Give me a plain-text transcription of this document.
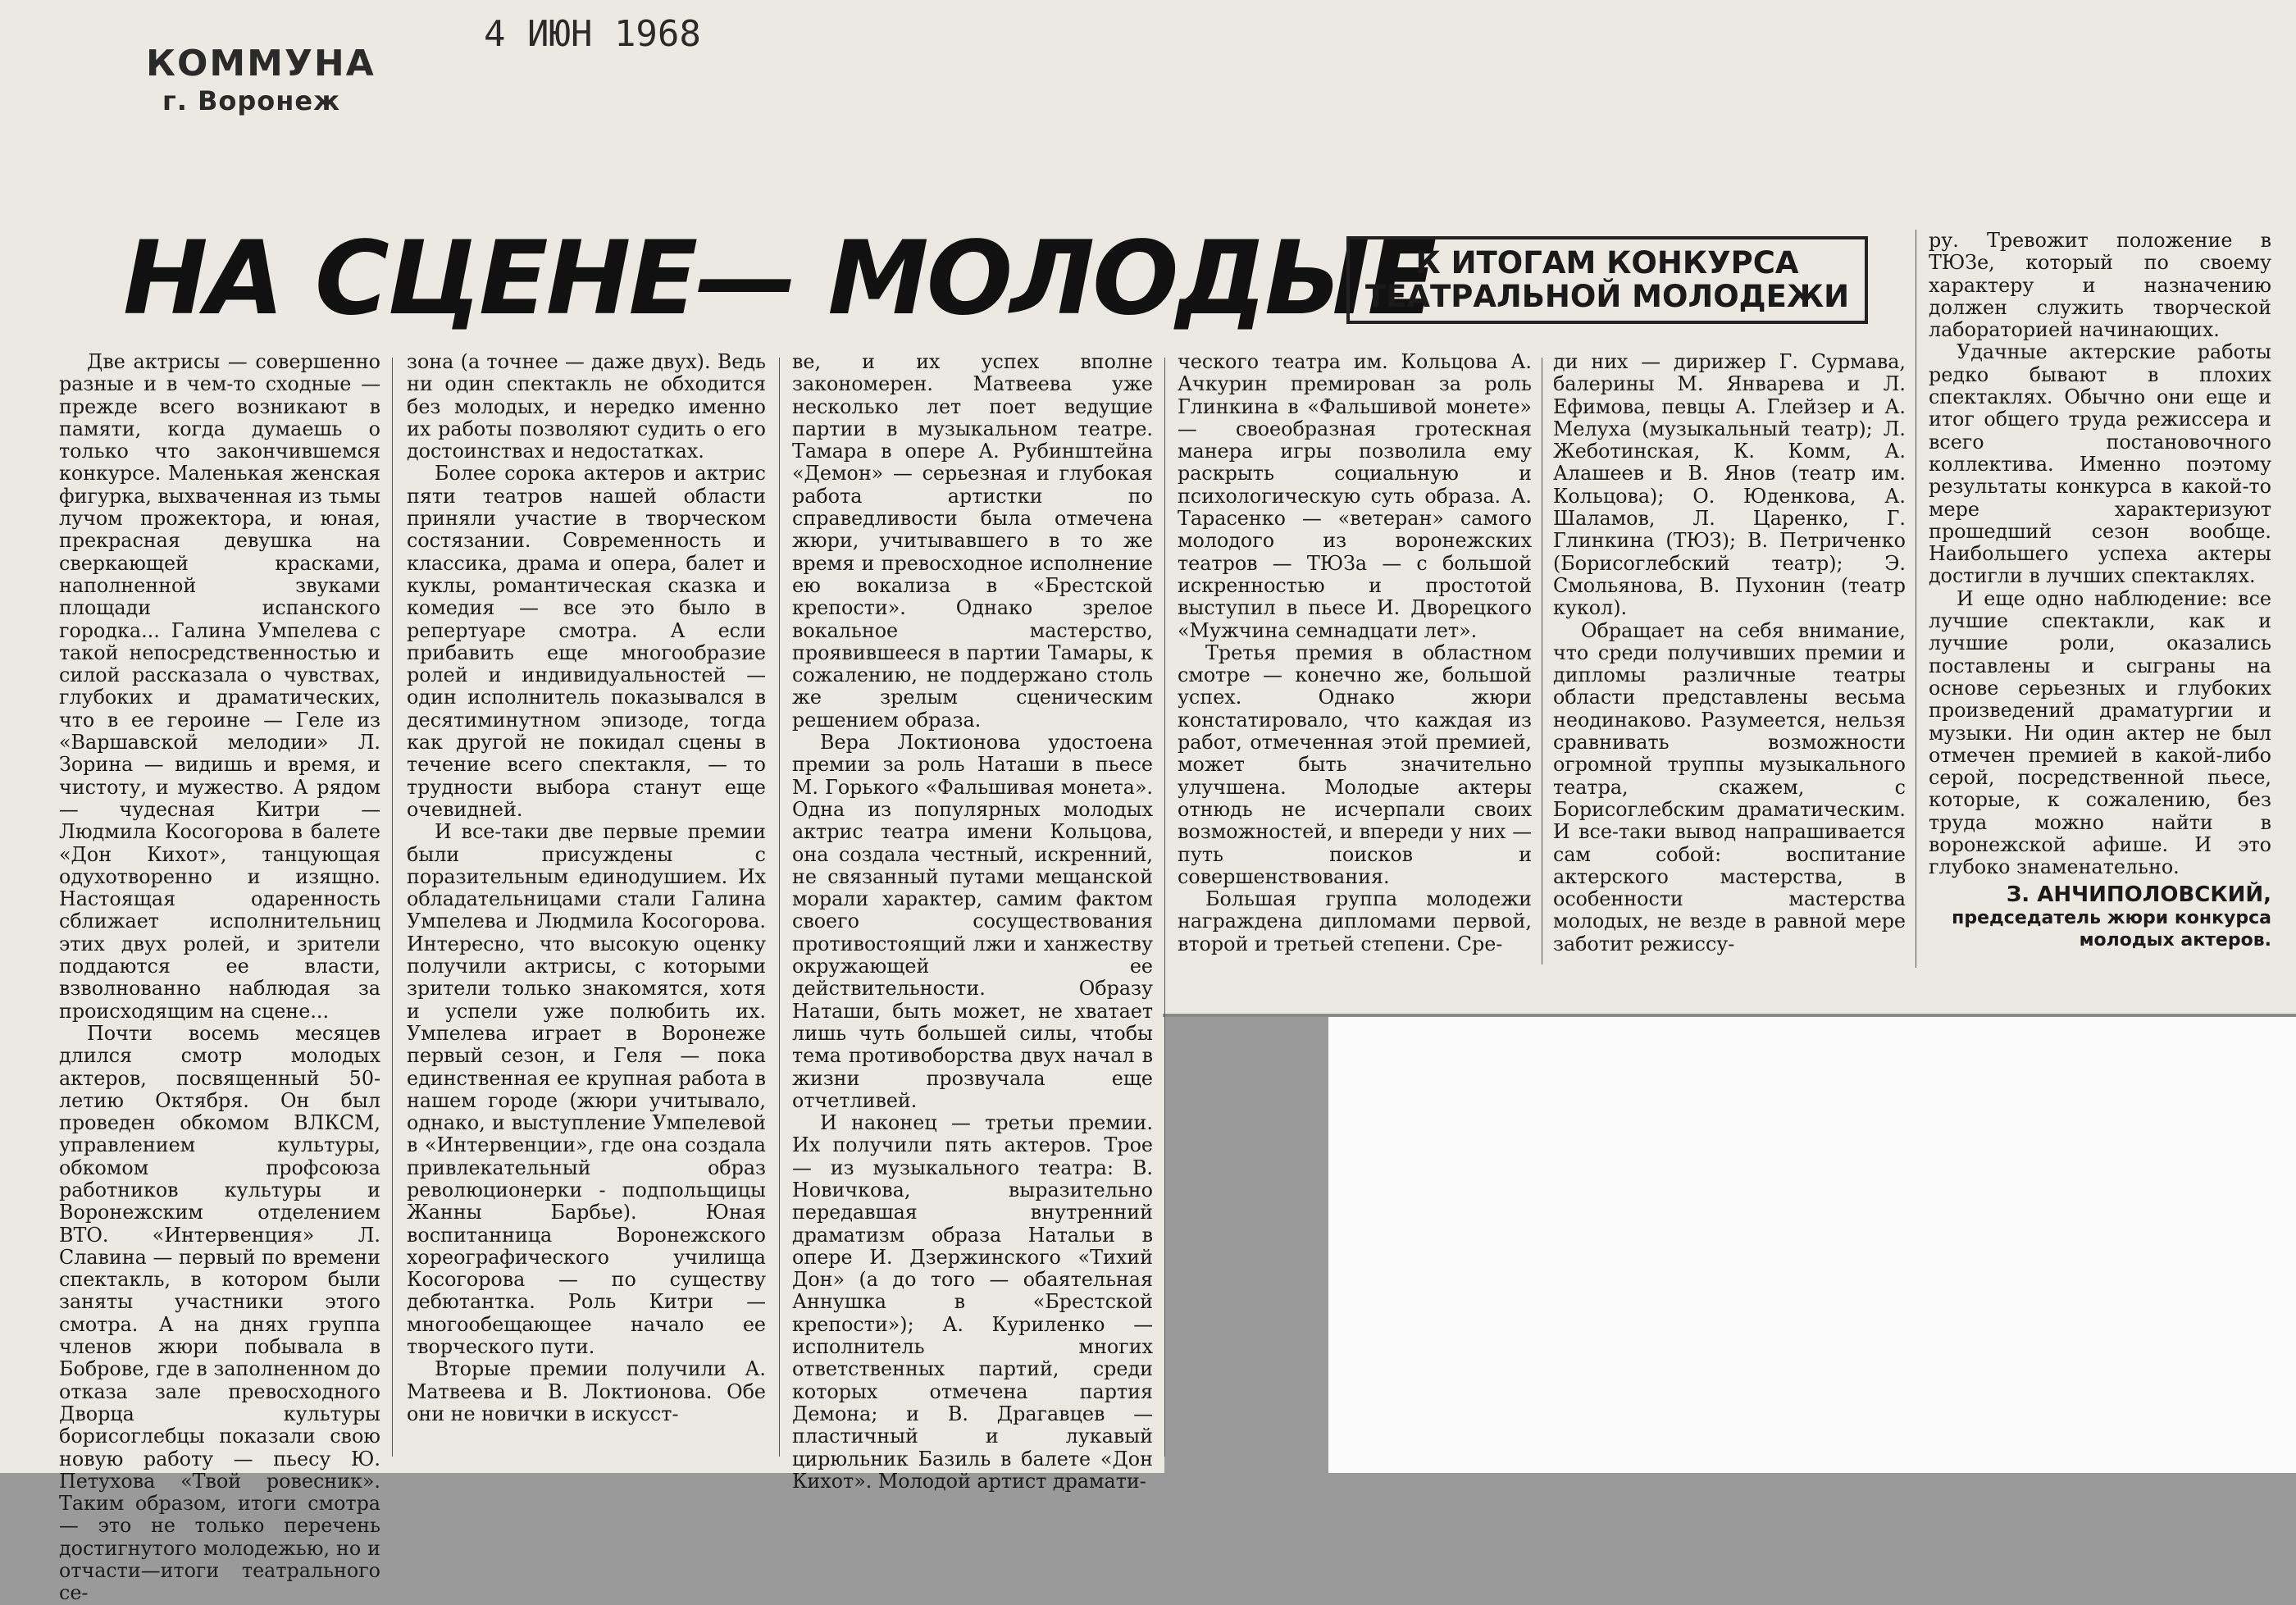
КОММУНА
г. Воронеж
4 ИЮН 1968
НА СЦЕНЕ— МОЛОДЫЕ
К ИТОГАМ КОНКУРСА
ТЕАТРАЛЬНОЙ МОЛОДЕЖИ

Две актрисы — совершенно разные и в чем-то сходные — прежде всего возникают в памяти, когда думаешь о только что закончившемся конкурсе. Маленькая женская фигурка, выхваченная из тьмы лучом прожектора, и юная, прекрасная девушка на сверкающей красками, наполненной звуками площади испанского городка... Галина Умпелева с такой непосредственностью и силой рассказала о чувствах, глубоких и драматических, что в ее героине — Геле из «Варшавской мелодии» Л. Зорина — видишь и время, и чистоту, и мужество. А рядом — чудесная Китри — Людмила Косогорова в балете «Дон Кихот», танцующая одухотворенно и изящно. Настоящая одаренность сближает исполнительниц этих двух ролей, и зрители поддаются ее власти, взволнованно наблюдая за происходящим на сцене...

Почти восемь месяцев длился смотр молодых актеров, посвященный 50-летию Октября. Он был проведен обкомом ВЛКСМ, управлением культуры, обкомом профсоюза работников культуры и Воронежским отделением ВТО. «Интервенция» Л. Славина — первый по времени спектакль, в котором были заняты участники этого смотра. А на днях группа членов жюри побывала в Боброве, где в заполненном до отказа зале превосходного Дворца культуры борисоглебцы показали свою новую работу — пьесу Ю. Петухова «Твой ровесник». Таким образом, итоги смотра — это не только перечень достигнутого молодежью, но и отчасти—итоги театрального се-

зона (а точнее — даже двух). Ведь ни один спектакль не обходится без молодых, и нередко именно их работы позволяют судить о его достоинствах и недостатках.

Более сорока актеров и актрис пяти театров нашей области приняли участие в творческом состязании. Современность и классика, драма и опера, балет и куклы, романтическая сказка и комедия — все это было в репертуаре смотра. А если прибавить еще многообразие ролей и индивидуальностей — один исполнитель показывался в десятиминутном эпизоде, тогда как другой не покидал сцены в течение всего спектакля, — то трудности выбора станут еще очевидней.

И все-таки две первые премии были присуждены с поразительным единодушием. Их обладательницами стали Галина Умпелева и Людмила Косогорова. Интересно, что высокую оценку получили актрисы, с которыми зрители только знакомятся, хотя и успели уже полюбить их. Умпелева играет в Воронеже первый сезон, и Геля — пока единственная ее крупная работа в нашем городе (жюри учитывало, однако, и выступление Умпелевой в «Интервенции», где она создала привлекательный образ революционерки - подпольщицы Жанны Барбье). Юная воспитанница Воронежского хореографического училища Косогорова — по существу дебютантка. Роль Китри — многообещающее начало ее творческого пути.

Вторые премии получили А. Матвеева и В. Локтионова. Обе они не новички в искусст-

ве, и их успех вполне закономерен. Матвеева уже несколько лет поет ведущие партии в музыкальном театре. Тамара в опере А. Рубинштейна «Демон» — серьезная и глубокая работа артистки по справедливости была отмечена жюри, учитывавшего в то же время и превосходное исполнение ею вокализа в «Брестской крепости». Однако зрелое вокальное мастерство, проявившееся в партии Тамары, к сожалению, не поддержано столь же зрелым сценическим решением образа.

Вера Локтионова удостоена премии за роль Наташи в пьесе М. Горького «Фальшивая монета». Одна из популярных молодых актрис театра имени Кольцова, она создала честный, искренний, не связанный путами мещанской морали характер, самим фактом своего сосуществования противостоящий лжи и ханжеству окружающей ее действительности. Образу Наташи, быть может, не хватает лишь чуть большей силы, чтобы тема противоборства двух начал в жизни прозвучала еще отчетливей.

И наконец — третьи премии. Их получили пять актеров. Трое — из музыкального театра: В. Новичкова, выразительно передавшая внутренний драматизм образа Натальи в опере И. Дзержинского «Тихий Дон» (а до того — обаятельная Аннушка в «Брестской крепости»); А. Куриленко — исполнитель многих ответственных партий, среди которых отмечена партия Демона; и В. Драгавцев — пластичный и лукавый цирюльник Базиль в балете «Дон Кихот». Молодой артист драмати-

ческого театра им. Кольцова А. Ачкурин премирован за роль Глинкина в «Фальшивой монете» — своеобразная гротескная манера игры позволила ему раскрыть социальную и психологическую суть образа. А. Тарасенко — «ветеран» самого молодого из воронежских театров — ТЮЗа — с большой искренностью и простотой выступил в пьесе И. Дворецкого «Мужчина семнадцати лет».

Третья премия в областном смотре — конечно же, большой успех. Однако жюри констатировало, что каждая из работ, отмеченная этой премией, может быть значительно улучшена. Молодые актеры отнюдь не исчерпали своих возможностей, и впереди у них — путь поисков и совершенствования.

Большая группа молодежи награждена дипломами первой, второй и третьей степени. Сре-

ди них — дирижер Г. Сурмава, балерины М. Январева и Л. Ефимова, певцы А. Глейзер и А. Мелуха (музыкальный театр); Л. Жеботинская, К. Комм, А. Алашеев и В. Янов (театр им. Кольцова); О. Юденкова, А. Шаламов, Л. Царенко, Г. Глинкина (ТЮЗ); В. Петриченко (Борисоглебский театр); Э. Смольянова, В. Пухонин (театр кукол).

Обращает на себя внимание, что среди получивших премии и дипломы различные театры области представлены весьма неодинаково. Разумеется, нельзя сравнивать возможности огромной труппы музыкального театра, скажем, с Борисоглебским драматическим. И все-таки вывод напрашивается сам собой: воспитание актерского мастерства, в особенности мастерства молодых, не везде в равной мере заботит режиссу-

ру. Тревожит положение в ТЮЗе, который по своему характеру и назначению должен служить творческой лабораторией начинающих.

Удачные актерские работы редко бывают в плохих спектаклях. Обычно они еще и итог общего труда режиссера и всего постановочного коллектива. Именно поэтому результаты конкурса в какой-то мере характеризуют прошедший сезон вообще. Наибольшего успеха актеры достигли в лучших спектаклях.

И еще одно наблюдение: все лучшие спектакли, как и лучшие роли, оказались поставлены и сыграны на основе серьезных и глубоких произведений драматургии и музыки. Ни один актер не был отмечен премией в какой-либо серой, посредственной пьесе, которые, к сожалению, без труда можно найти в воронежской афише. И это глубоко знаменательно.

З. АНЧИПОЛОВСКИЙ,
председатель жюри конкурса молодых актеров.
